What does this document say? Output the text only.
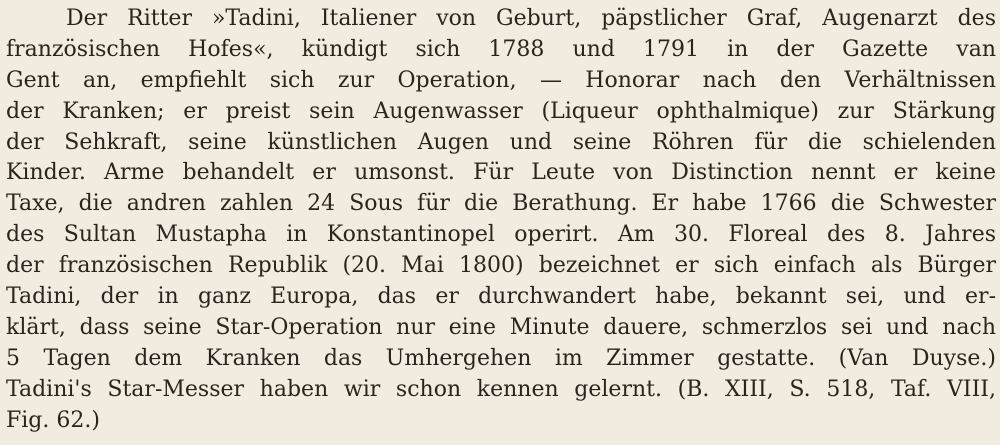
Der Ritter »Tadini, Italiener von Geburt, päpstlicher Graf, Augenarzt des
französischen Hofes«, kündigt sich 1788 und 1791 in der Gazette van
Gent an, empfiehlt sich zur Operation, — Honorar nach den Verhältnissen
der Kranken; er preist sein Augenwasser (Liqueur ophthalmique) zur Stärkung
der Sehkraft, seine künstlichen Augen und seine Röhren für die schielenden
Kinder. Arme behandelt er umsonst. Für Leute von Distinction nennt er keine
Taxe, die andren zahlen 24 Sous für die Berathung. Er habe 1766 die Schwester
des Sultan Mustapha in Konstantinopel operirt. Am 30. Floreal des 8. Jahres
der französischen Republik (20. Mai 1800) bezeichnet er sich einfach als Bürger
Tadini, der in ganz Europa, das er durchwandert habe, bekannt sei, und er-
klärt, dass seine Star-Operation nur eine Minute dauere, schmerzlos sei und nach
5 Tagen dem Kranken das Umhergehen im Zimmer gestatte. (Van Duyse.)
Tadini's Star-Messer haben wir schon kennen gelernt. (B. XIII, S. 518, Taf. VIII,
Fig. 62.)
